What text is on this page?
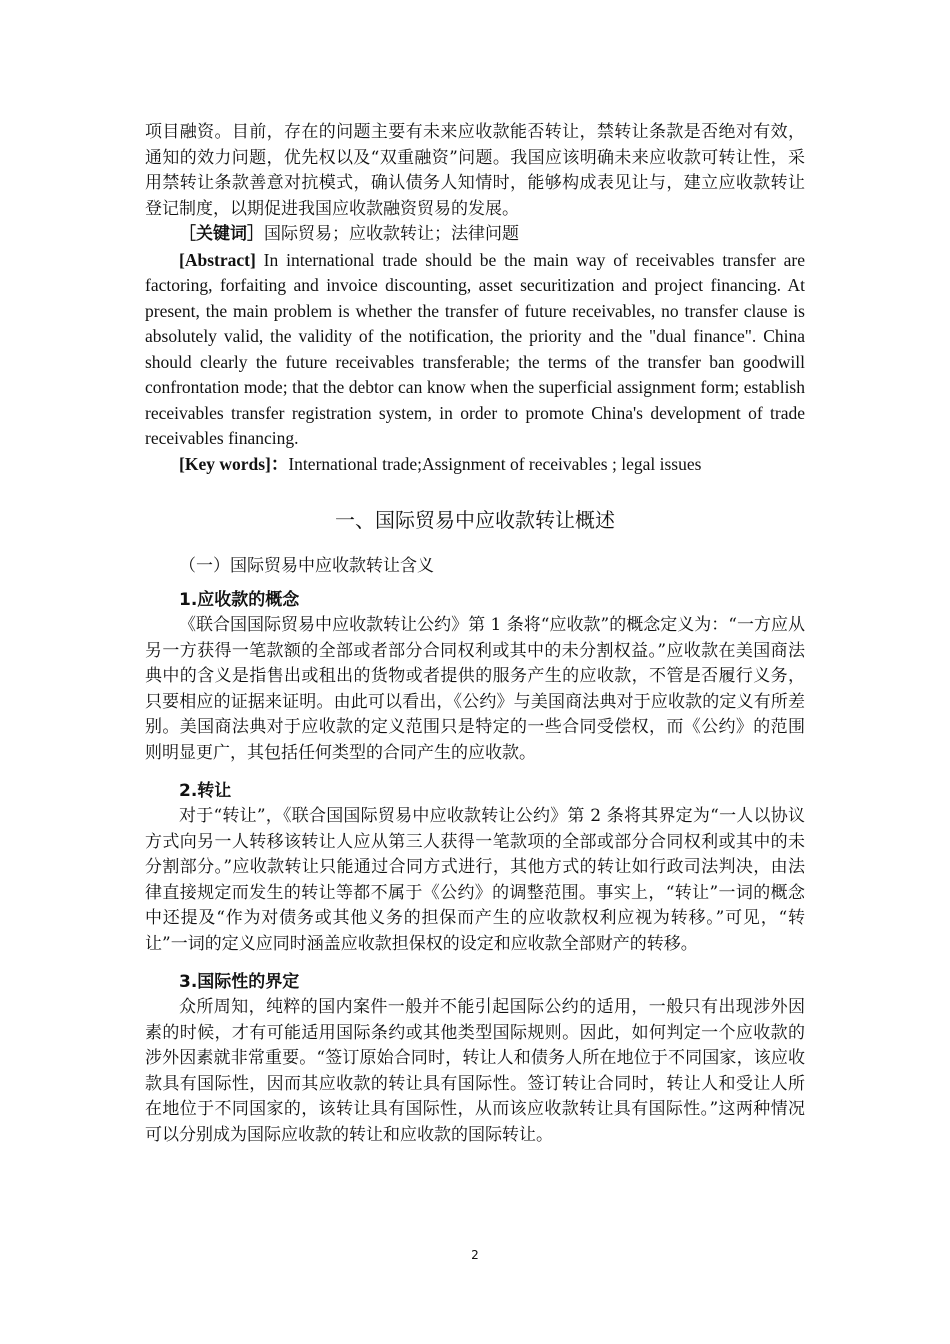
项目融资。目前，存在的问题主要有未来应收款能否转让，禁转让条款是否绝对有效，通知的效力问题，优先权以及“双重融资”问题。我国应该明确未来应收款可转让性，采用禁转让条款善意对抗模式，确认债务人知情时，能够构成表见让与，建立应收款转让登记制度，以期促进我国应收款融资贸易的发展。

［关键词］国际贸易；应收款转让；法律问题

[Abstract] In international trade should be the main way of receivables transfer are factoring, forfaiting and invoice discounting, asset securitization and project financing. At present, the main problem is whether the transfer of future receivables, no transfer clause is absolutely valid, the validity of the notification, the priority and the "dual finance". China should clearly the future receivables transferable; the terms of the transfer ban goodwill confrontation mode; that the debtor can know when the superficial assignment form; establish receivables transfer registration system, in order to promote China's development of trade receivables financing.

[Key words]：International trade;Assignment of receivables ; legal issues

一、国际贸易中应收款转让概述
（一）国际贸易中应收款转让含义
1.应收款的概念

《联合国国际贸易中应收款转让公约》第 1 条将“应收款”的概念定义为：“一方应从另一方获得一笔款额的全部或者部分合同权利或其中的未分割权益。”应收款在美国商法典中的含义是指售出或租出的货物或者提供的服务产生的应收款，不管是否履行义务，只要相应的证据来证明。由此可以看出，《公约》与美国商法典对于应收款的定义有所差别。美国商法典对于应收款的定义范围只是特定的一些合同受偿权，而《公约》的范围则明显更广，其包括任何类型的合同产生的应收款。

2.转让

对于“转让”，《联合国国际贸易中应收款转让公约》第 2 条将其界定为“一人以协议方式向另一人转移该转让人应从第三人获得一笔款项的全部或部分合同权利或其中的未分割部分。”应收款转让只能通过合同方式进行，其他方式的转让如行政司法判决，由法律直接规定而发生的转让等都不属于《公约》的调整范围。事实上，“转让”一词的概念中还提及“作为对债务或其他义务的担保而产生的应收款权利应视为转移。”可见，“转让”一词的定义应同时涵盖应收款担保权的设定和应收款全部财产的转移。

3.国际性的界定

众所周知，纯粹的国内案件一般并不能引起国际公约的适用，一般只有出现涉外因素的时候，才有可能适用国际条约或其他类型国际规则。因此，如何判定一个应收款的涉外因素就非常重要。“签订原始合同时，转让人和债务人所在地位于不同国家，该应收款具有国际性，因而其应收款的转让具有国际性。签订转让合同时，转让人和受让人所在地位于不同国家的，该转让具有国际性，从而该应收款转让具有国际性。”这两种情况可以分别成为国际应收款的转让和应收款的国际转让。

2
